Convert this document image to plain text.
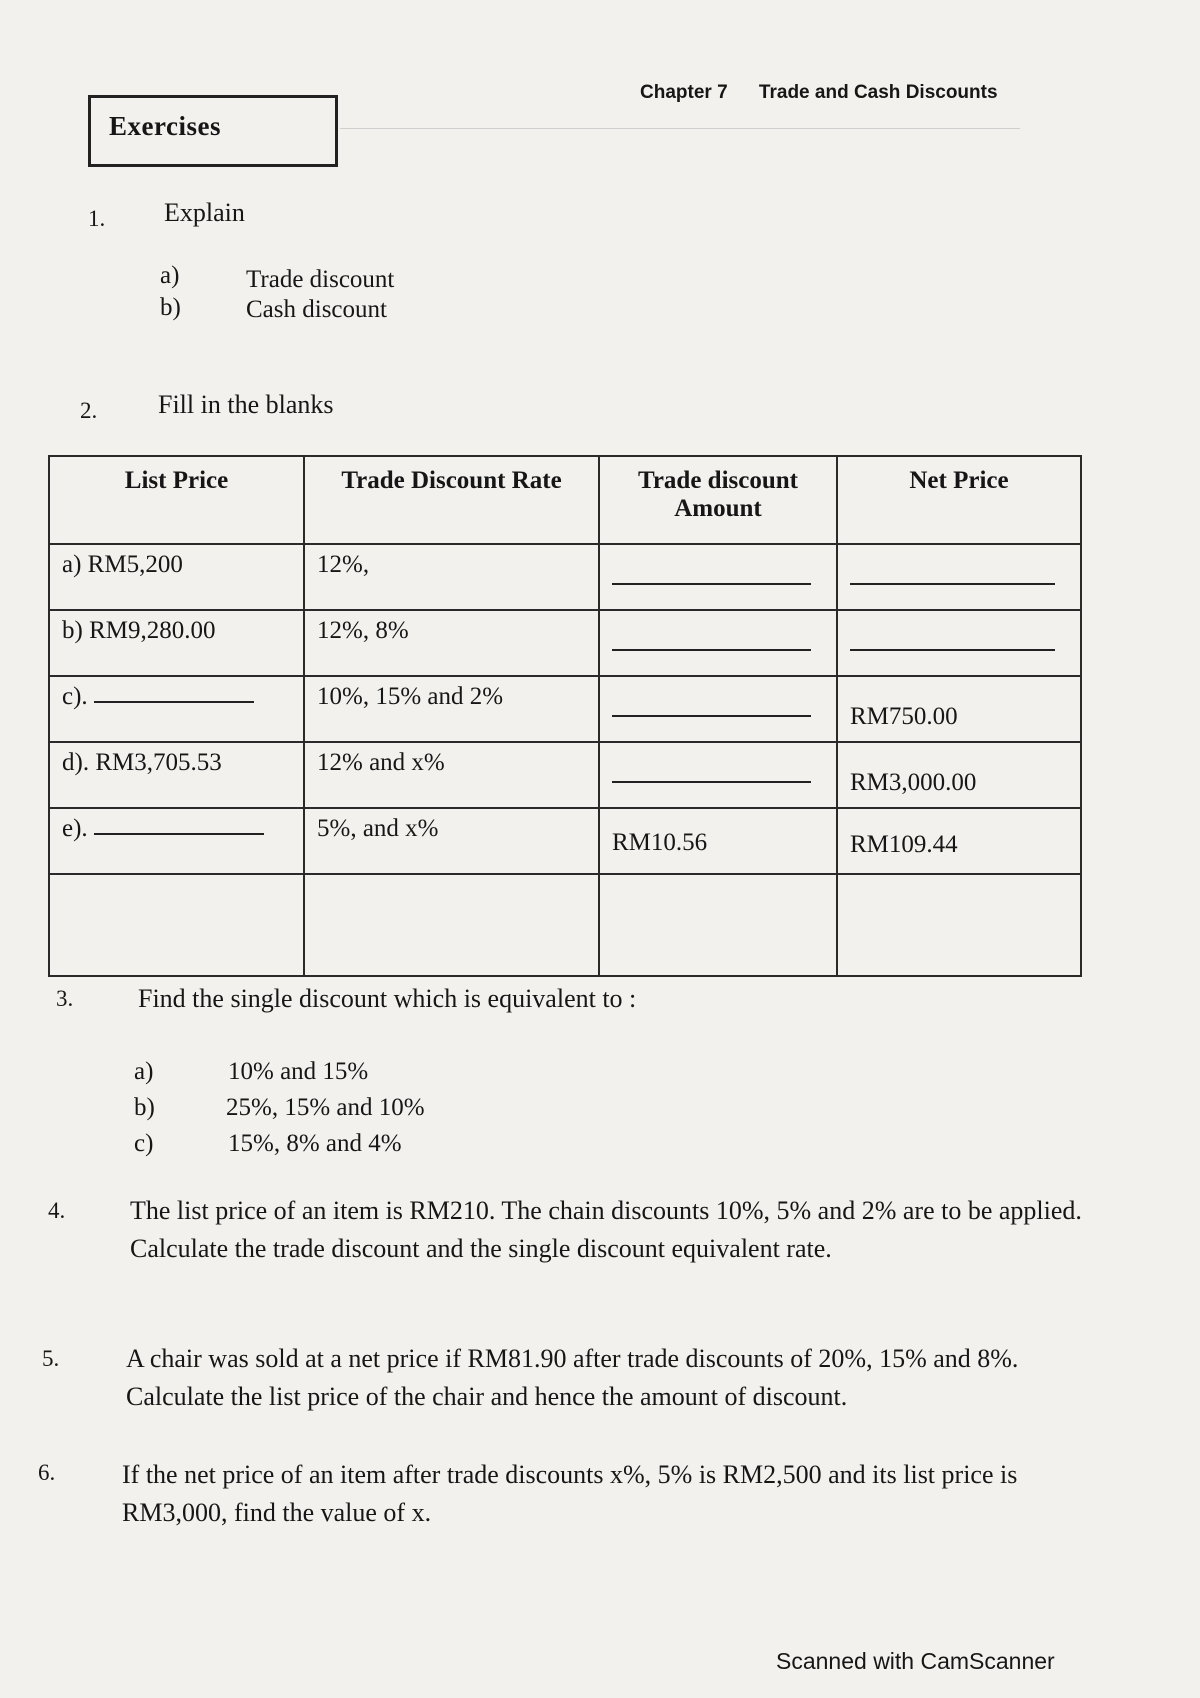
Chapter 7 Trade and Cash Discounts
Exercises
1. Explain
a)	Trade discount
b)	Cash discount
2. Fill in the blanks
List Price	Trade Discount Rate	Trade discount Amount	Net Price
a) RM5,200	12%,		
b) RM9,280.00	12%, 8%		
c).	10%, 15% and 2%		RM750.00

d). RM3,705.53	12% and x%		RM3,000.00

e).	5%, and x%	RM10.56	RM109.44

3. Find the single discount which is equivalent to :
a)	10% and 15%
b)	25%, 15% and 10%
c)	15%, 8% and 4%
4. The list price of an item is RM210. The chain discounts 10%, 5% and 2% are to be applied. Calculate the trade discount and the single discount equivalent rate.
5.	A chair was sold at a net price if RM81.90 after trade discounts of 20%, 15% and 8%. Calculate the list price of the chair and hence the amount of discount.
6.	If the net price of an item after trade discounts x%, 5% is RM2,500 and its list price is RM3,000, find the value of x.
Scanned with CamScanner
